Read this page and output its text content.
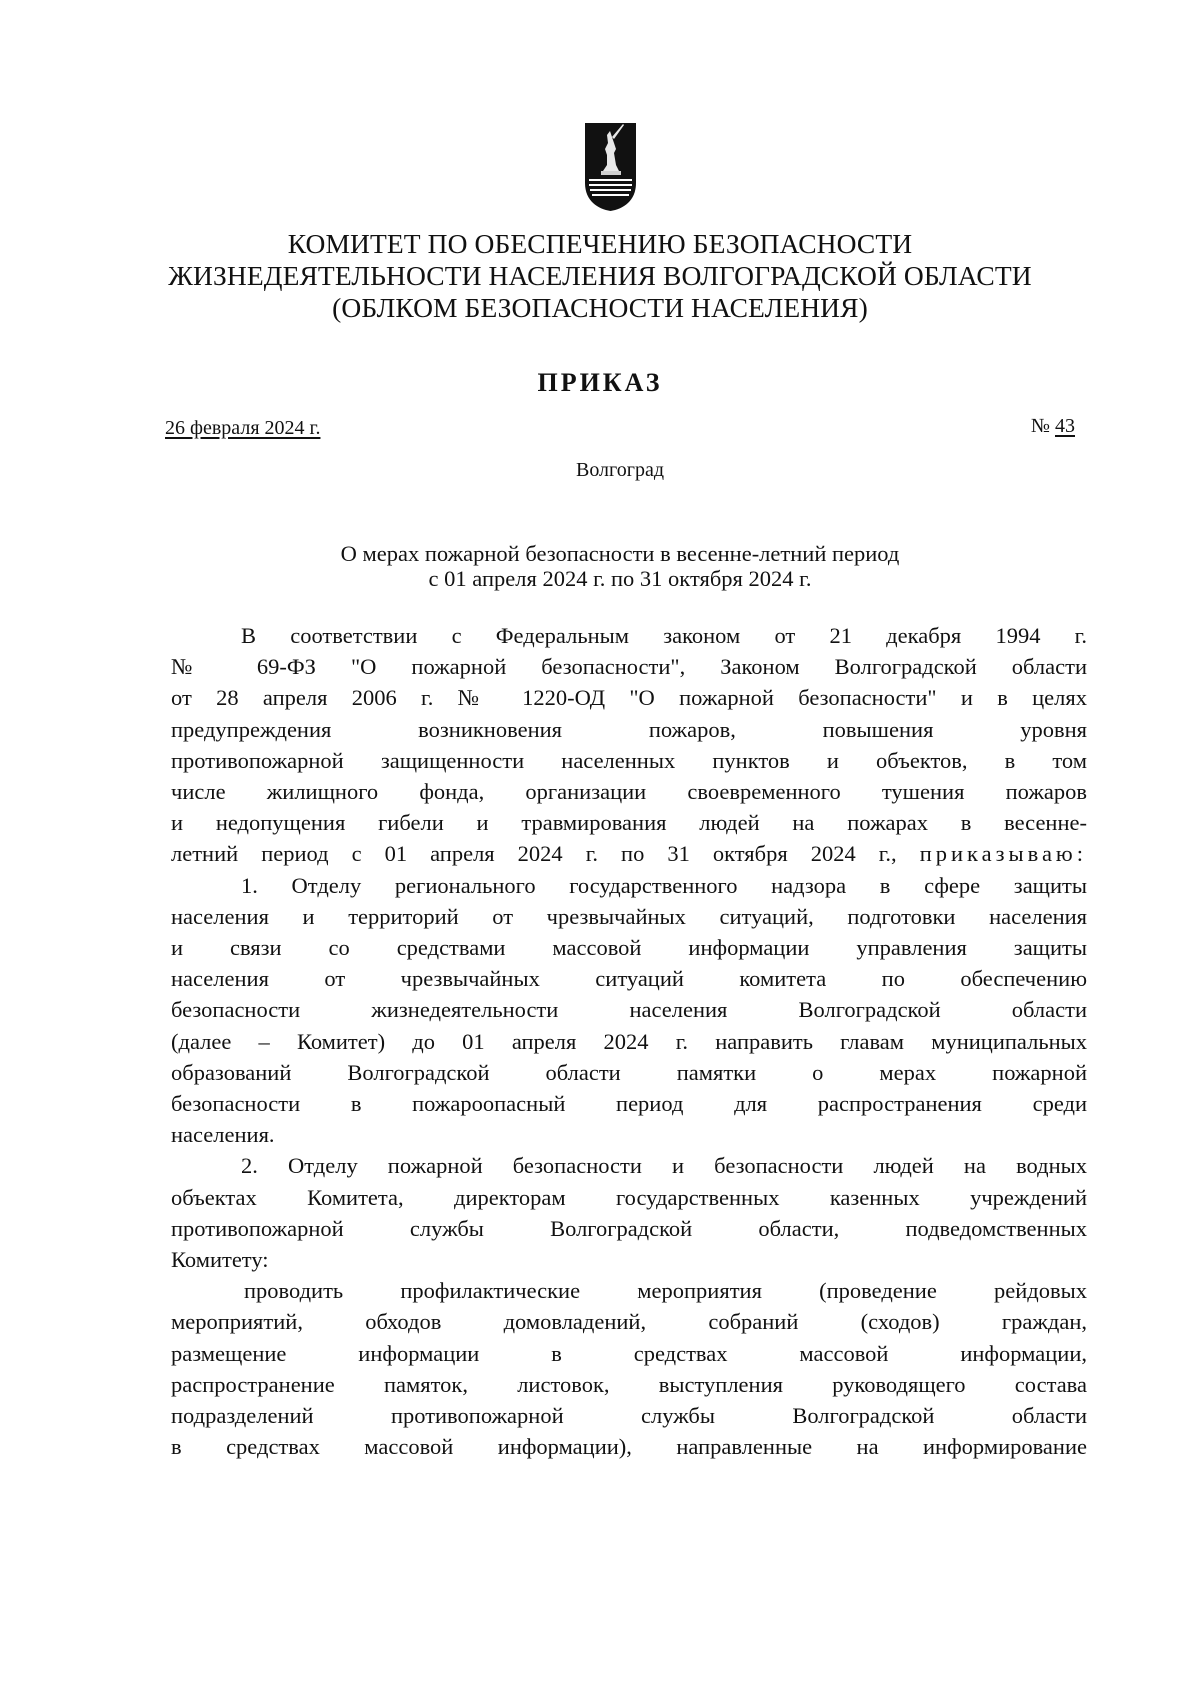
КОМИТЕТ ПО ОБЕСПЕЧЕНИЮ БЕЗОПАСНОСТИ
ЖИЗНЕДЕЯТЕЛЬНОСТИ НАСЕЛЕНИЯ ВОЛГОГРАДСКОЙ ОБЛАСТИ
(ОБЛКОМ БЕЗОПАСНОСТИ НАСЕЛЕНИЯ)
ПРИКАЗ
26 февраля 2024 г.	№ 43
Волгоград
О мерах пожарной безопасности в весенне-летний период
с 01 апреля 2024 г. по 31 октября 2024 г.

В соответствии с Федеральным законом от 21 декабря 1994 г.

№ 69-ФЗ "О пожарной безопасности", Законом Волгоградской области

от 28 апреля 2006 г. № 1220-ОД "О пожарной безопасности" и в целях

предупреждения возникновения пожаров, повышения уровня

противопожарной защищенности населенных пунктов и объектов, в том

числе жилищного фонда, организации своевременного тушения пожаров

и недопущения гибели и травмирования людей на пожарах в весенне-

летний период с 01 апреля 2024 г. по 31 октября 2024 г., приказываю:

1. Отделу регионального государственного надзора в сфере защиты

населения и территорий от чрезвычайных ситуаций, подготовки населения

и связи со средствами массовой информации управления защиты

населения от чрезвычайных ситуаций комитета по обеспечению

безопасности жизнедеятельности населения Волгоградской области

(далее – Комитет) до 01 апреля 2024 г. направить главам муниципальных

образований Волгоградской области памятки о мерах пожарной

безопасности в пожароопасный период для распространения среди

населения.

2. Отделу пожарной безопасности и безопасности людей на водных

объектах Комитета, директорам государственных казенных учреждений

противопожарной службы Волгоградской области, подведомственных

Комитету:

проводить профилактические мероприятия (проведение рейдовых

мероприятий, обходов домовладений, собраний (сходов) граждан,

размещение информации в средствах массовой информации,

распространение памяток, листовок, выступления руководящего состава

подразделений противопожарной службы Волгоградской области

в средствах массовой информации), направленные на информирование
